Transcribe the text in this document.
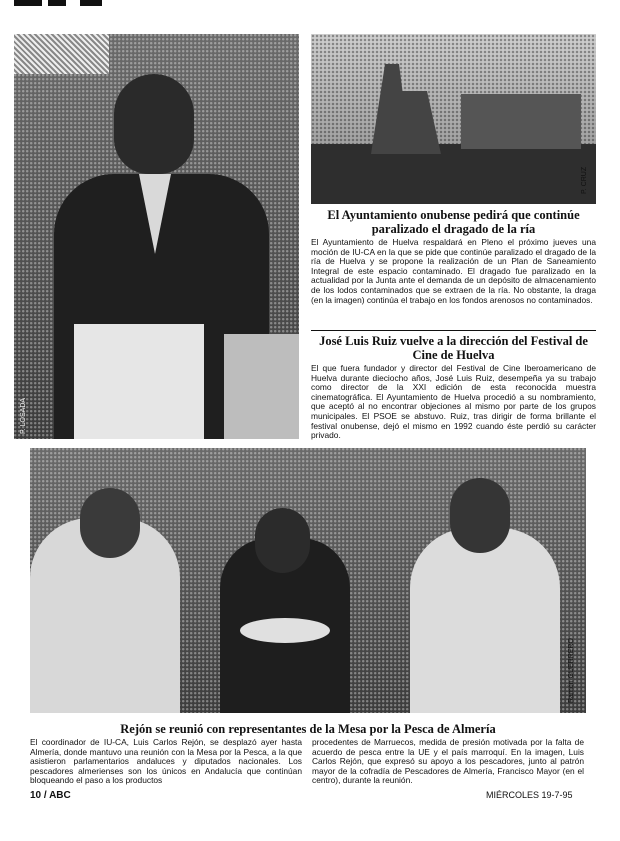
P. LOSADA
P. CRUZ
El Ayuntamiento onubense pedirá que continúe paralizado el dragado de la ría
El Ayuntamiento de Huelva respaldará en Pleno el próximo jueves una moción de IU-CA en la que se pide que continúe paralizado el dragado de la ría de Huelva y se propone la realización de un Plan de Saneamiento Integral de este espacio contaminado. El dragado fue paralizado en la actualidad por la Junta ante el demanda de un depósito de almacenamiento de los lodos contaminados que se extraen de la ría. No obstante, la draga (en la imagen) continúa el trabajo en los fondos arenosos no contaminados.
José Luis Ruiz vuelve a la dirección del Festival de Cine de Huelva
El que fuera fundador y director del Festival de Cine Iberoamericano de Huelva durante dieciocho años, José Luis Ruiz, desempeña ya su trabajo como director de la XXI edición de esta reconocida muestra cinematográfica. El Ayuntamiento de Huelva procedió a su nombramiento, que aceptó al no encontrar objeciones al mismo por parte de los grupos municipales. El PSOE se abstuvo. Ruiz, tras dirigir de forma brillante el festival onubense, dejó el mismo en 1992 cuando éste perdió su carácter privado.
Ramón GUERRERO
Rejón se reunió con representantes de la Mesa por la Pesca de Almería
El coordinador de IU-CA, Luis Carlos Rejón, se desplazó ayer hasta Almería, donde mantuvo una reunión con la Mesa por la Pesca, a la que asistieron parlamentarios andaluces y diputados nacionales. Los pescadores almerienses son los únicos en Andalucía que continúan bloqueando el paso a los productos
procedentes de Marruecos, medida de presión motivada por la falta de acuerdo de pesca entre la UE y el país marroquí. En la imagen, Luis Carlos Rejón, que expresó su apoyo a los pescadores, junto al patrón mayor de la cofradía de Pescadores de Almería, Francisco Mayor (en el centro), durante la reunión.
10 / ABC	MIÉRCOLES 19-7-95
